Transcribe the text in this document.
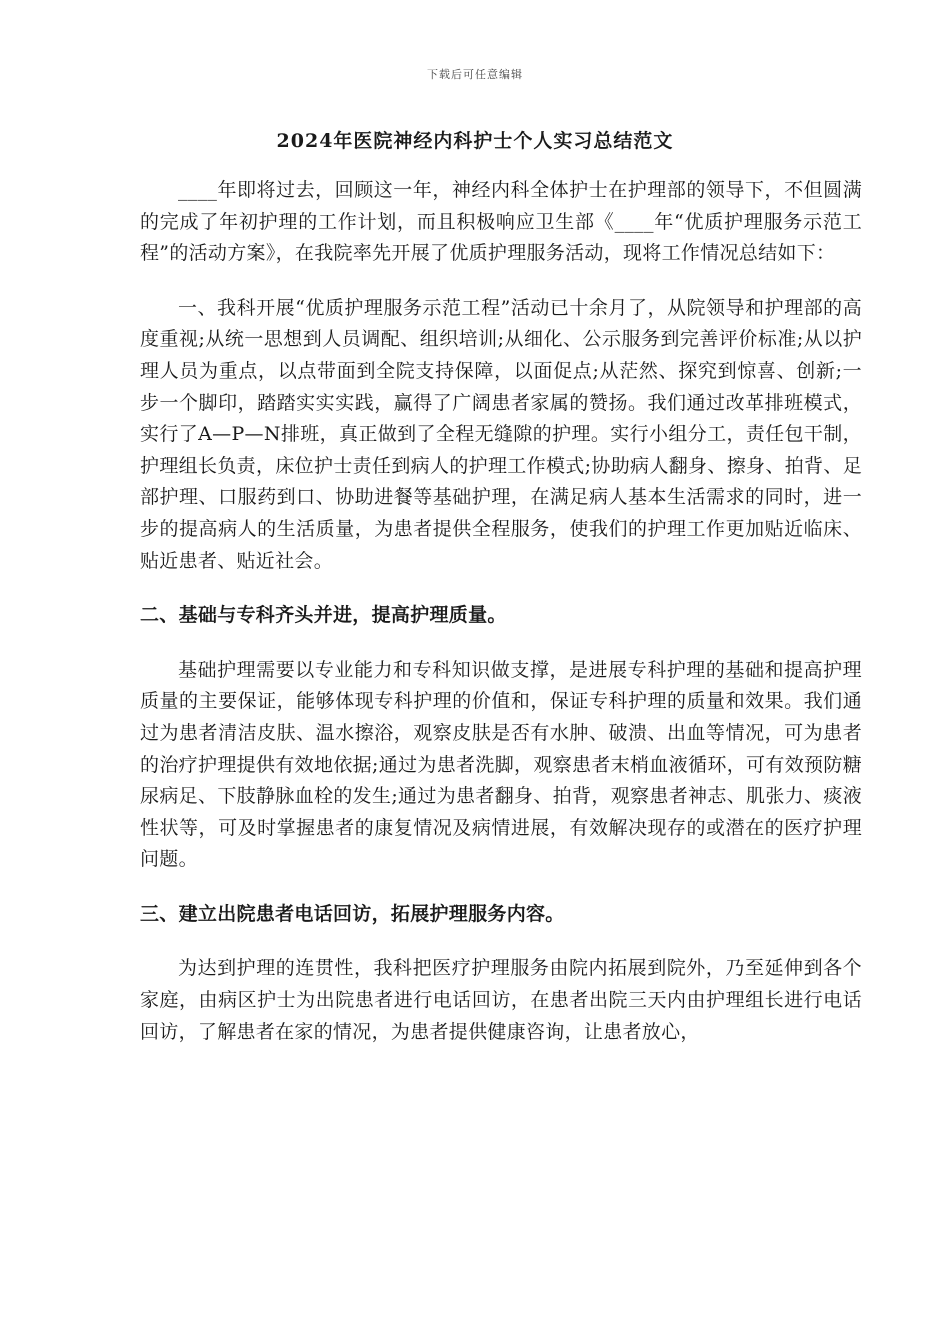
下载后可任意编辑
2024年医院神经内科护士个人实习总结范文

____年即将过去，回顾这一年，神经内科全体护士在护理部的领导下，不但圆满的完成了年初护理的工作计划，而且积极响应卫生部《____年“优质护理服务示范工程”的活动方案》，在我院率先开展了优质护理服务活动，现将工作情况总结如下：

一、我科开展“优质护理服务示范工程”活动已十余月了，从院领导和护理部的高度重视;从统一思想到人员调配、组织培训;从细化、公示服务到完善评价标准;从以护理人员为重点，以点带面到全院支持保障，以面促点;从茫然、探究到惊喜、创新;一步一个脚印，踏踏实实实践，赢得了广阔患者家属的赞扬。我们通过改革排班模式，实行了A—P—N排班，真正做到了全程无缝隙的护理。实行小组分工，责任包干制，护理组长负责，床位护士责任到病人的护理工作模式;协助病人翻身、擦身、拍背、足部护理、口服药到口、协助进餐等基础护理，在满足病人基本生活需求的同时，进一步的提高病人的生活质量，为患者提供全程服务，使我们的护理工作更加贴近临床、贴近患者、贴近社会。

二、基础与专科齐头并进，提高护理质量。

基础护理需要以专业能力和专科知识做支撑，是进展专科护理的基础和提高护理质量的主要保证，能够体现专科护理的价值和，保证专科护理的质量和效果。我们通过为患者清洁皮肤、温水擦浴，观察皮肤是否有水肿、破溃、出血等情况，可为患者的治疗护理提供有效地依据;通过为患者洗脚，观察患者末梢血液循环，可有效预防糖尿病足、下肢静脉血栓的发生;通过为患者翻身、拍背，观察患者神志、肌张力、痰液性状等，可及时掌握患者的康复情况及病情进展，有效解决现存的或潜在的医疗护理问题。

三、建立出院患者电话回访，拓展护理服务内容。

为达到护理的连贯性，我科把医疗护理服务由院内拓展到院外，乃至延伸到各个家庭，由病区护士为出院患者进行电话回访，在患者出院三天内由护理组长进行电话回访，了解患者在家的情况，为患者提供健康咨询，让患者放心，
